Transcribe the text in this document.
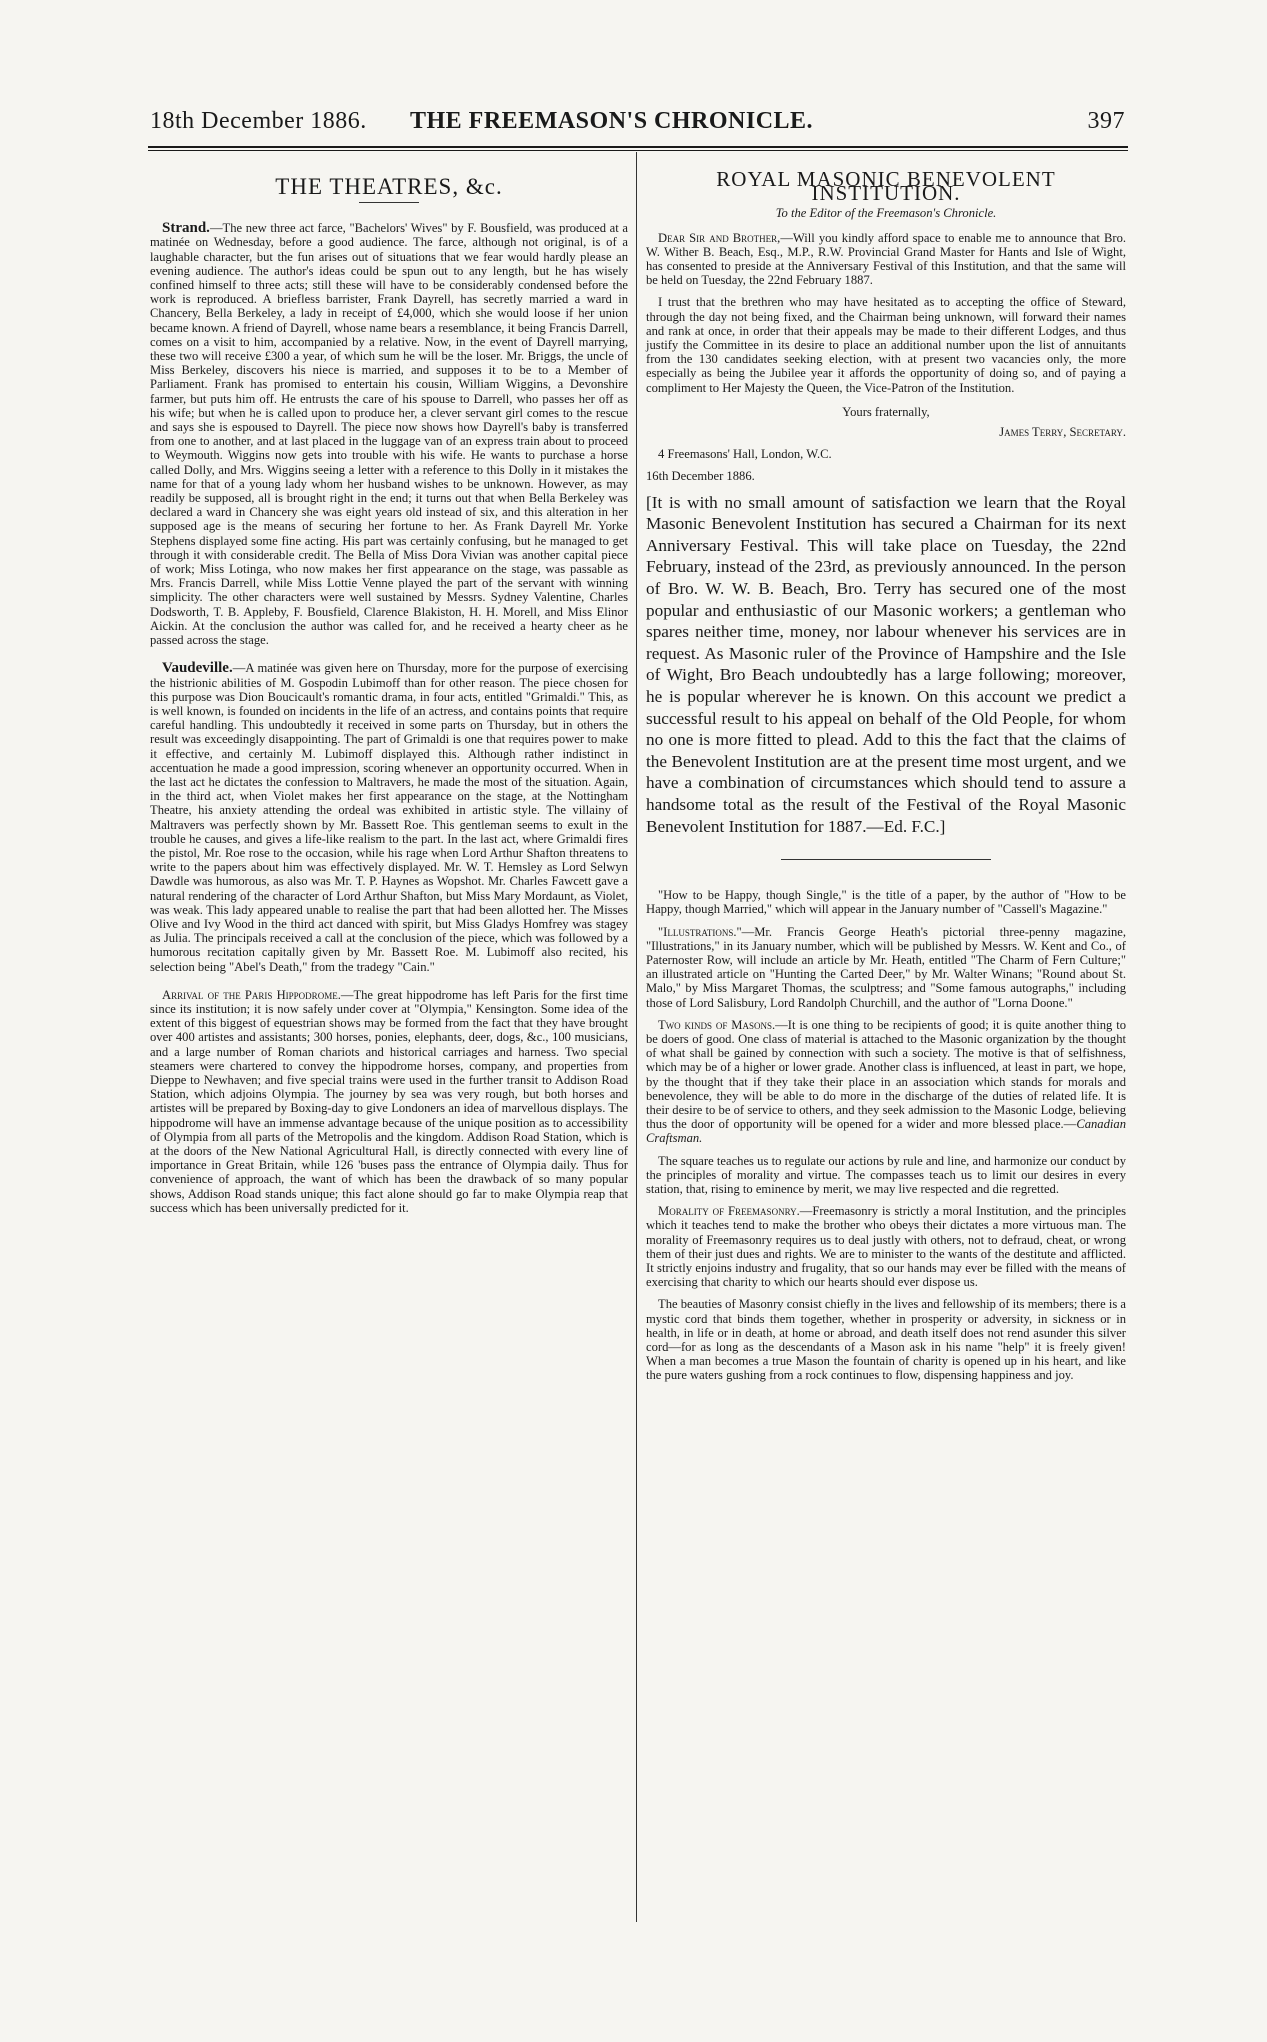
18th December 1886. THE FREEMASON'S CHRONICLE.	397
THE THEATRES, &c.

Strand.—The new three act farce, "Bachelors' Wives" by F. Bousfield, was produced at a matinée on Wednesday, before a good audience. The farce, although not original, is of a laughable character, but the fun arises out of situations that we fear would hardly please an evening audience. The author's ideas could be spun out to any length, but he has wisely confined himself to three acts; still these will have to be considerably condensed before the work is reproduced. A briefless barrister, Frank Dayrell, has secretly married a ward in Chancery, Bella Berkeley, a lady in receipt of £4,000, which she would loose if her union became known. A friend of Dayrell, whose name bears a resemblance, it being Francis Darrell, comes on a visit to him, accompanied by a relative. Now, in the event of Dayrell marrying, these two will receive £300 a year, of which sum he will be the loser. Mr. Briggs, the uncle of Miss Berkeley, discovers his niece is married, and supposes it to be to a Member of Parliament. Frank has promised to entertain his cousin, William Wiggins, a Devonshire farmer, but puts him off. He entrusts the care of his spouse to Darrell, who passes her off as his wife; but when he is called upon to produce her, a clever servant girl comes to the rescue and says she is espoused to Dayrell. The piece now shows how Dayrell's baby is transferred from one to another, and at last placed in the luggage van of an express train about to proceed to Weymouth. Wiggins now gets into trouble with his wife. He wants to purchase a horse called Dolly, and Mrs. Wiggins seeing a letter with a reference to this Dolly in it mistakes the name for that of a young lady whom her husband wishes to be unknown. However, as may readily be supposed, all is brought right in the end; it turns out that when Bella Berkeley was declared a ward in Chancery she was eight years old instead of six, and this alteration in her supposed age is the means of securing her fortune to her. As Frank Dayrell Mr. Yorke Stephens displayed some fine acting. His part was certainly confusing, but he managed to get through it with considerable credit. The Bella of Miss Dora Vivian was another capital piece of work; Miss Lotinga, who now makes her first appearance on the stage, was passable as Mrs. Francis Darrell, while Miss Lottie Venne played the part of the servant with winning simplicity. The other characters were well sustained by Messrs. Sydney Valentine, Charles Dodsworth, T. B. Appleby, F. Bousfield, Clarence Blakiston, H. H. Morell, and Miss Elinor Aickin. At the conclusion the author was called for, and he received a hearty cheer as he passed across the stage.

Vaudeville.—A matinée was given here on Thursday, more for the purpose of exercising the histrionic abilities of M. Gospodin Lubimoff than for other reason. The piece chosen for this purpose was Dion Boucicault's romantic drama, in four acts, entitled "Grimaldi." This, as is well known, is founded on incidents in the life of an actress, and contains points that require careful handling. This undoubtedly it received in some parts on Thursday, but in others the result was exceedingly disappointing. The part of Grimaldi is one that requires power to make it effective, and certainly M. Lubimoff displayed this. Although rather indistinct in accentuation he made a good impression, scoring whenever an opportunity occurred. When in the last act he dictates the confession to Maltravers, he made the most of the situation. Again, in the third act, when Violet makes her first appearance on the stage, at the Nottingham Theatre, his anxiety attending the ordeal was exhibited in artistic style. The villainy of Maltravers was perfectly shown by Mr. Bassett Roe. This gentleman seems to exult in the trouble he causes, and gives a life-like realism to the part. In the last act, where Grimaldi fires the pistol, Mr. Roe rose to the occasion, while his rage when Lord Arthur Shafton threatens to write to the papers about him was effectively displayed. Mr. W. T. Hemsley as Lord Selwyn Dawdle was humorous, as also was Mr. T. P. Haynes as Wopshot. Mr. Charles Fawcett gave a natural rendering of the character of Lord Arthur Shafton, but Miss Mary Mordaunt, as Violet, was weak. This lady appeared unable to realise the part that had been allotted her. The Misses Olive and Ivy Wood in the third act danced with spirit, but Miss Gladys Homfrey was stagey as Julia. The principals received a call at the conclusion of the piece, which was followed by a humorous recitation capitally given by Mr. Bassett Roe. M. Lubimoff also recited, his selection being "Abel's Death," from the tradegy "Cain."

Arrival of the Paris Hippodrome.—The great hippodrome has left Paris for the first time since its institution; it is now safely under cover at "Olympia," Kensington. Some idea of the extent of this biggest of equestrian shows may be formed from the fact that they have brought over 400 artistes and assistants; 300 horses, ponies, elephants, deer, dogs, &c., 100 musicians, and a large number of Roman chariots and historical carriages and harness. Two special steamers were chartered to convey the hippodrome horses, company, and properties from Dieppe to Newhaven; and five special trains were used in the further transit to Addison Road Station, which adjoins Olympia. The journey by sea was very rough, but both horses and artistes will be prepared by Boxing-day to give Londoners an idea of marvellous displays. The hippodrome will have an immense advantage because of the unique position as to accessibility of Olympia from all parts of the Metropolis and the kingdom. Addison Road Station, which is at the doors of the New National Agricultural Hall, is directly connected with every line of importance in Great Britain, while 126 'buses pass the entrance of Olympia daily. Thus for convenience of approach, the want of which has been the drawback of so many popular shows, Addison Road stands unique; this fact alone should go far to make Olympia reap that success which has been universally predicted for it.

ROYAL MASONIC BENEVOLENT INSTITUTION.
To the Editor of the Freemason's Chronicle.

Dear Sir and Brother,—Will you kindly afford space to enable me to announce that Bro. W. Wither B. Beach, Esq., M.P., R.W. Provincial Grand Master for Hants and Isle of Wight, has consented to preside at the Anniversary Festival of this Institution, and that the same will be held on Tuesday, the 22nd February 1887.

I trust that the brethren who may have hesitated as to accepting the office of Steward, through the day not being fixed, and the Chairman being unknown, will forward their names and rank at once, in order that their appeals may be made to their different Lodges, and thus justify the Committee in its desire to place an additional number upon the list of annuitants from the 130 candidates seeking election, with at present two vacancies only, the more especially as being the Jubilee year it affords the opportunity of doing so, and of paying a compliment to Her Majesty the Queen, the Vice-Patron of the Institution.

Yours fraternally,
James Terry, Secretary.

4 Freemasons' Hall, London, W.C.

16th December 1886.

[It is with no small amount of satisfaction we learn that the Royal Masonic Benevolent Institution has secured a Chairman for its next Anniversary Festival. This will take place on Tuesday, the 22nd February, instead of the 23rd, as previously announced. In the person of Bro. W. W. B. Beach, Bro. Terry has secured one of the most popular and enthusiastic of our Masonic workers; a gentleman who spares neither time, money, nor labour whenever his services are in request. As Masonic ruler of the Province of Hampshire and the Isle of Wight, Bro Beach undoubtedly has a large following; moreover, he is popular wherever he is known. On this account we predict a successful result to his appeal on behalf of the Old People, for whom no one is more fitted to plead. Add to this the fact that the claims of the Benevolent Institution are at the present time most urgent, and we have a combination of circumstances which should tend to assure a handsome total as the result of the Festival of the Royal Masonic Benevolent Institution for 1887.—Ed. F.C.]

"How to be Happy, though Single," is the title of a paper, by the author of "How to be Happy, though Married," which will appear in the January number of "Cassell's Magazine."

"Illustrations."—Mr. Francis George Heath's pictorial three-penny magazine, "Illustrations," in its January number, which will be published by Messrs. W. Kent and Co., of Paternoster Row, will include an article by Mr. Heath, entitled "The Charm of Fern Culture;" an illustrated article on "Hunting the Carted Deer," by Mr. Walter Winans; "Round about St. Malo," by Miss Margaret Thomas, the sculptress; and "Some famous autographs," including those of Lord Salisbury, Lord Randolph Churchill, and the author of "Lorna Doone."

Two kinds of Masons.—It is one thing to be recipients of good; it is quite another thing to be doers of good. One class of material is attached to the Masonic organization by the thought of what shall be gained by connection with such a society. The motive is that of selfishness, which may be of a higher or lower grade. Another class is influenced, at least in part, we hope, by the thought that if they take their place in an association which stands for morals and benevolence, they will be able to do more in the discharge of the duties of related life. It is their desire to be of service to others, and they seek admission to the Masonic Lodge, believing thus the door of opportunity will be opened for a wider and more blessed place.—Canadian Craftsman.

The square teaches us to regulate our actions by rule and line, and harmonize our conduct by the principles of morality and virtue. The compasses teach us to limit our desires in every station, that, rising to eminence by merit, we may live respected and die regretted.

Morality of Freemasonry.—Freemasonry is strictly a moral Institution, and the principles which it teaches tend to make the brother who obeys their dictates a more virtuous man. The morality of Freemasonry requires us to deal justly with others, not to defraud, cheat, or wrong them of their just dues and rights. We are to minister to the wants of the destitute and afflicted. It strictly enjoins industry and frugality, that so our hands may ever be filled with the means of exercising that charity to which our hearts should ever dispose us.

The beauties of Masonry consist chiefly in the lives and fellowship of its members; there is a mystic cord that binds them together, whether in prosperity or adversity, in sickness or in health, in life or in death, at home or abroad, and death itself does not rend asunder this silver cord—for as long as the descendants of a Mason ask in his name "help" it is freely given! When a man becomes a true Mason the fountain of charity is opened up in his heart, and like the pure waters gushing from a rock continues to flow, dispensing happiness and joy.
